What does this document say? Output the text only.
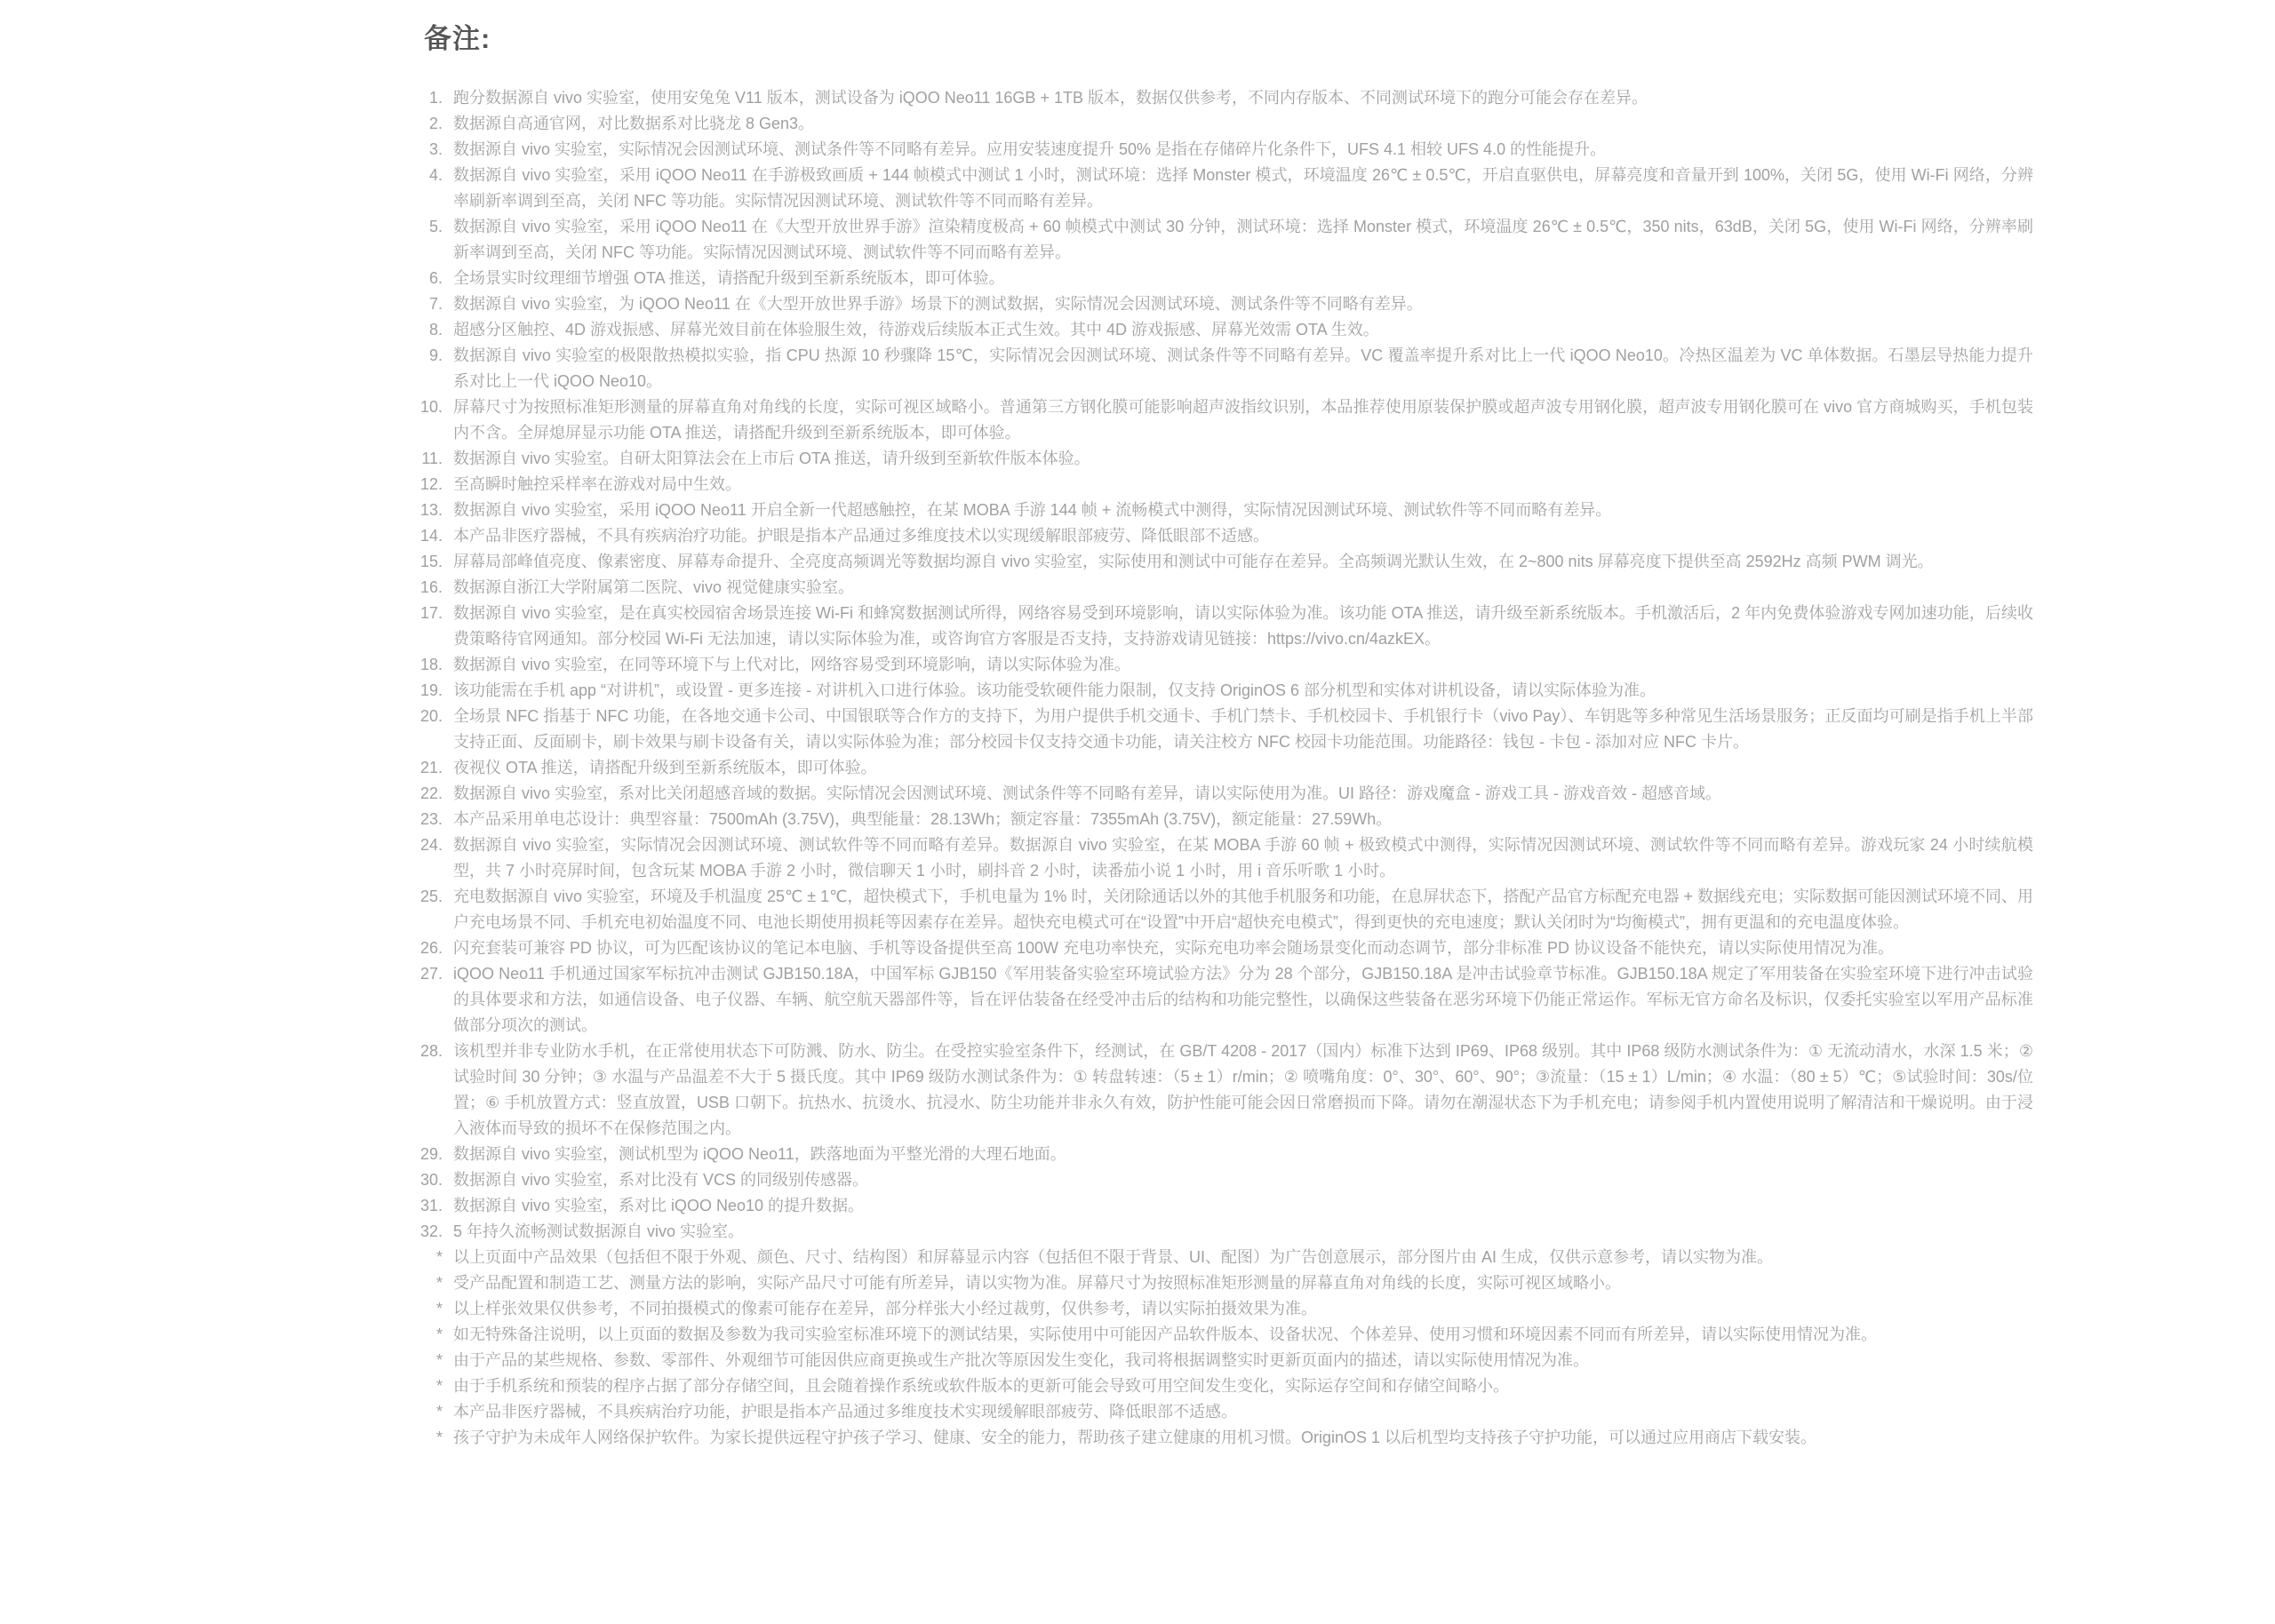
备注:
1. 跑分数据源自 vivo 实验室，使用安兔兔 V11 版本，测试设备为 iQOO Neo11 16GB + 1TB 版本，数据仅供参考，不同内存版本、不同测试环境下的跑分可能会存在差异。
2. 数据源自高通官网，对比数据系对比骁龙 8 Gen3。
3. 数据源自 vivo 实验室，实际情况会因测试环境、测试条件等不同略有差异。应用安装速度提升 50% 是指在存储碎片化条件下，UFS 4.1 相较 UFS 4.0 的性能提升。
4. 数据源自 vivo 实验室，采用 iQOO Neo11 在手游极致画质 + 144 帧模式中测试 1 小时，测试环境：选择 Monster 模式，环境温度 26℃ ± 0.5℃，开启直驱供电，屏幕亮度和音量开到 100%，关闭 5G，使用 Wi-Fi 网络，分辨率刷新率调到至高，关闭 NFC 等功能。实际情况因测试环境、测试软件等不同而略有差异。
5. 数据源自 vivo 实验室，采用 iQOO Neo11 在《大型开放世界手游》渲染精度极高 + 60 帧模式中测试 30 分钟，测试环境：选择 Monster 模式，环境温度 26℃ ± 0.5℃，350 nits，63dB，关闭 5G，使用 Wi-Fi 网络，分辨率刷新率调到至高，关闭 NFC 等功能。实际情况因测试环境、测试软件等不同而略有差异。
6. 全场景实时纹理细节增强 OTA 推送，请搭配升级到至新系统版本，即可体验。
7. 数据源自 vivo 实验室，为 iQOO Neo11 在《大型开放世界手游》场景下的测试数据，实际情况会因测试环境、测试条件等不同略有差异。
8. 超感分区触控、4D 游戏振感、屏幕光效目前在体验服生效，待游戏后续版本正式生效。其中 4D 游戏振感、屏幕光效需 OTA 生效。
9. 数据源自 vivo 实验室的极限散热模拟实验，指 CPU 热源 10 秒骤降 15℃，实际情况会因测试环境、测试条件等不同略有差异。VC 覆盖率提升系对比上一代 iQOO Neo10。冷热区温差为 VC 单体数据。石墨层导热能力提升系对比上一代 iQOO Neo10。
10. 屏幕尺寸为按照标准矩形测量的屏幕直角对角线的长度，实际可视区域略小。普通第三方钢化膜可能影响超声波指纹识别，本品推荐使用原装保护膜或超声波专用钢化膜，超声波专用钢化膜可在 vivo 官方商城购买，手机包装内不含。全屏熄屏显示功能 OTA 推送，请搭配升级到至新系统版本，即可体验。
11. 数据源自 vivo 实验室。自研太阳算法会在上市后 OTA 推送，请升级到至新软件版本体验。
12. 至高瞬时触控采样率在游戏对局中生效。
13. 数据源自 vivo 实验室，采用 iQOO Neo11 开启全新一代超感触控，在某 MOBA 手游 144 帧 + 流畅模式中测得，实际情况因测试环境、测试软件等不同而略有差异。
14. 本产品非医疗器械，不具有疾病治疗功能。护眼是指本产品通过多维度技术以实现缓解眼部疲劳、降低眼部不适感。
15. 屏幕局部峰值亮度、像素密度、屏幕寿命提升、全亮度高频调光等数据均源自 vivo 实验室，实际使用和测试中可能存在差异。全高频调光默认生效，在 2~800 nits 屏幕亮度下提供至高 2592Hz 高频 PWM 调光。
16. 数据源自浙江大学附属第二医院、vivo 视觉健康实验室。
17. 数据源自 vivo 实验室，是在真实校园宿舍场景连接 Wi-Fi 和蜂窝数据测试所得，网络容易受到环境影响，请以实际体验为准。该功能 OTA 推送，请升级至新系统版本。手机激活后，2 年内免费体验游戏专网加速功能，后续收费策略待官网通知。部分校园 Wi-Fi 无法加速，请以实际体验为准，或咨询官方客服是否支持，支持游戏请见链接：https://vivo.cn/4azkEX。
18. 数据源自 vivo 实验室，在同等环境下与上代对比，网络容易受到环境影响，请以实际体验为准。
19. 该功能需在手机 app “对讲机”，或设置 - 更多连接 - 对讲机入口进行体验。该功能受软硬件能力限制，仅支持 OriginOS 6 部分机型和实体对讲机设备，请以实际体验为准。
20. 全场景 NFC 指基于 NFC 功能，在各地交通卡公司、中国银联等合作方的支持下，为用户提供手机交通卡、手机门禁卡、手机校园卡、手机银行卡（vivo Pay）、车钥匙等多种常见生活场景服务；正反面均可刷是指手机上半部支持正面、反面刷卡，刷卡效果与刷卡设备有关，请以实际体验为准；部分校园卡仅支持交通卡功能，请关注校方 NFC 校园卡功能范围。功能路径：钱包 - 卡包 - 添加对应 NFC 卡片。
21. 夜视仪 OTA 推送，请搭配升级到至新系统版本，即可体验。
22. 数据源自 vivo 实验室，系对比关闭超感音域的数据。实际情况会因测试环境、测试条件等不同略有差异，请以实际使用为准。UI 路径：游戏魔盒 - 游戏工具 - 游戏音效 - 超感音域。
23. 本产品采用单电芯设计：典型容量：7500mAh (3.75V)，典型能量：28.13Wh；额定容量：7355mAh (3.75V)，额定能量：27.59Wh。
24. 数据源自 vivo 实验室，实际情况会因测试环境、测试软件等不同而略有差异。数据源自 vivo 实验室，在某 MOBA 手游 60 帧 + 极致模式中测得，实际情况因测试环境、测试软件等不同而略有差异。游戏玩家 24 小时续航模型，共 7 小时亮屏时间，包含玩某 MOBA 手游 2 小时，微信聊天 1 小时，刷抖音 2 小时，读番茄小说 1 小时，用 i 音乐听歌 1 小时。
25. 充电数据源自 vivo 实验室，环境及手机温度 25℃ ± 1℃，超快模式下，手机电量为 1% 时，关闭除通话以外的其他手机服务和功能，在息屏状态下，搭配产品官方标配充电器 + 数据线充电；实际数据可能因测试环境不同、用户充电场景不同、手机充电初始温度不同、电池长期使用损耗等因素存在差异。超快充电模式可在“设置”中开启“超快充电模式”，得到更快的充电速度；默认关闭时为“均衡模式”，拥有更温和的充电温度体验。
26. 闪充套装可兼容 PD 协议，可为匹配该协议的笔记本电脑、手机等设备提供至高 100W 充电功率快充，实际充电功率会随场景变化而动态调节，部分非标准 PD 协议设备不能快充，请以实际使用情况为准。
27. iQOO Neo11 手机通过国家军标抗冲击测试 GJB150.18A，中国军标 GJB150《军用装备实验室环境试验方法》分为 28 个部分，GJB150.18A 是冲击试验章节标准。GJB150.18A 规定了军用装备在实验室环境下进行冲击试验的具体要求和方法，如通信设备、电子仪器、车辆、航空航天器部件等，旨在评估装备在经受冲击后的结构和功能完整性，以确保这些装备在恶劣环境下仍能正常运作。军标无官方命名及标识，仅委托实验室以军用产品标准做部分项次的测试。
28. 该机型并非专业防水手机，在正常使用状态下可防溅、防水、防尘。在受控实验室条件下，经测试，在 GB/T 4208 - 2017（国内）标准下达到 IP69、IP68 级别。其中 IP68 级防水测试条件为：① 无流动清水，水深 1.5 米；② 试验时间 30 分钟；③ 水温与产品温差不大于 5 摄氏度。其中 IP69 级防水测试条件为：① 转盘转速：（5 ± 1）r/min；② 喷嘴角度：0°、30°、60°、90°；③流量：（15 ± 1）L/min；④ 水温：（80 ± 5）℃；⑤试验时间：30s/位置；⑥ 手机放置方式：竖直放置，USB 口朝下。抗热水、抗烫水、抗浸水、防尘功能并非永久有效，防护性能可能会因日常磨损而下降。请勿在潮湿状态下为手机充电；请参阅手机内置使用说明了解清洁和干燥说明。由于浸入液体而导致的损坏不在保修范围之内。
29. 数据源自 vivo 实验室，测试机型为 iQOO Neo11，跌落地面为平整光滑的大理石地面。
30. 数据源自 vivo 实验室，系对比没有 VCS 的同级别传感器。
31. 数据源自 vivo 实验室，系对比 iQOO Neo10 的提升数据。
32. 5 年持久流畅测试数据源自 vivo 实验室。
* 以上页面中产品效果（包括但不限于外观、颜色、尺寸、结构图）和屏幕显示内容（包括但不限于背景、UI、配图）为广告创意展示，部分图片由 AI 生成，仅供示意参考，请以实物为准。
* 受产品配置和制造工艺、测量方法的影响，实际产品尺寸可能有所差异，请以实物为准。屏幕尺寸为按照标准矩形测量的屏幕直角对角线的长度，实际可视区域略小。
* 以上样张效果仅供参考，不同拍摄模式的像素可能存在差异，部分样张大小经过裁剪，仅供参考，请以实际拍摄效果为准。
* 如无特殊备注说明，以上页面的数据及参数为我司实验室标准环境下的测试结果，实际使用中可能因产品软件版本、设备状况、个体差异、使用习惯和环境因素不同而有所差异，请以实际使用情况为准。
* 由于产品的某些规格、参数、零部件、外观细节可能因供应商更换或生产批次等原因发生变化，我司将根据调整实时更新页面内的描述，请以实际使用情况为准。
* 由于手机系统和预装的程序占据了部分存储空间，且会随着操作系统或软件版本的更新可能会导致可用空间发生变化，实际运存空间和存储空间略小。
* 本产品非医疗器械，不具疾病治疗功能，护眼是指本产品通过多维度技术实现缓解眼部疲劳、降低眼部不适感。
* 孩子守护为未成年人网络保护软件。为家长提供远程守护孩子学习、健康、安全的能力，帮助孩子建立健康的用机习惯。OriginOS 1 以后机型均支持孩子守护功能，可以通过应用商店下载安装。
